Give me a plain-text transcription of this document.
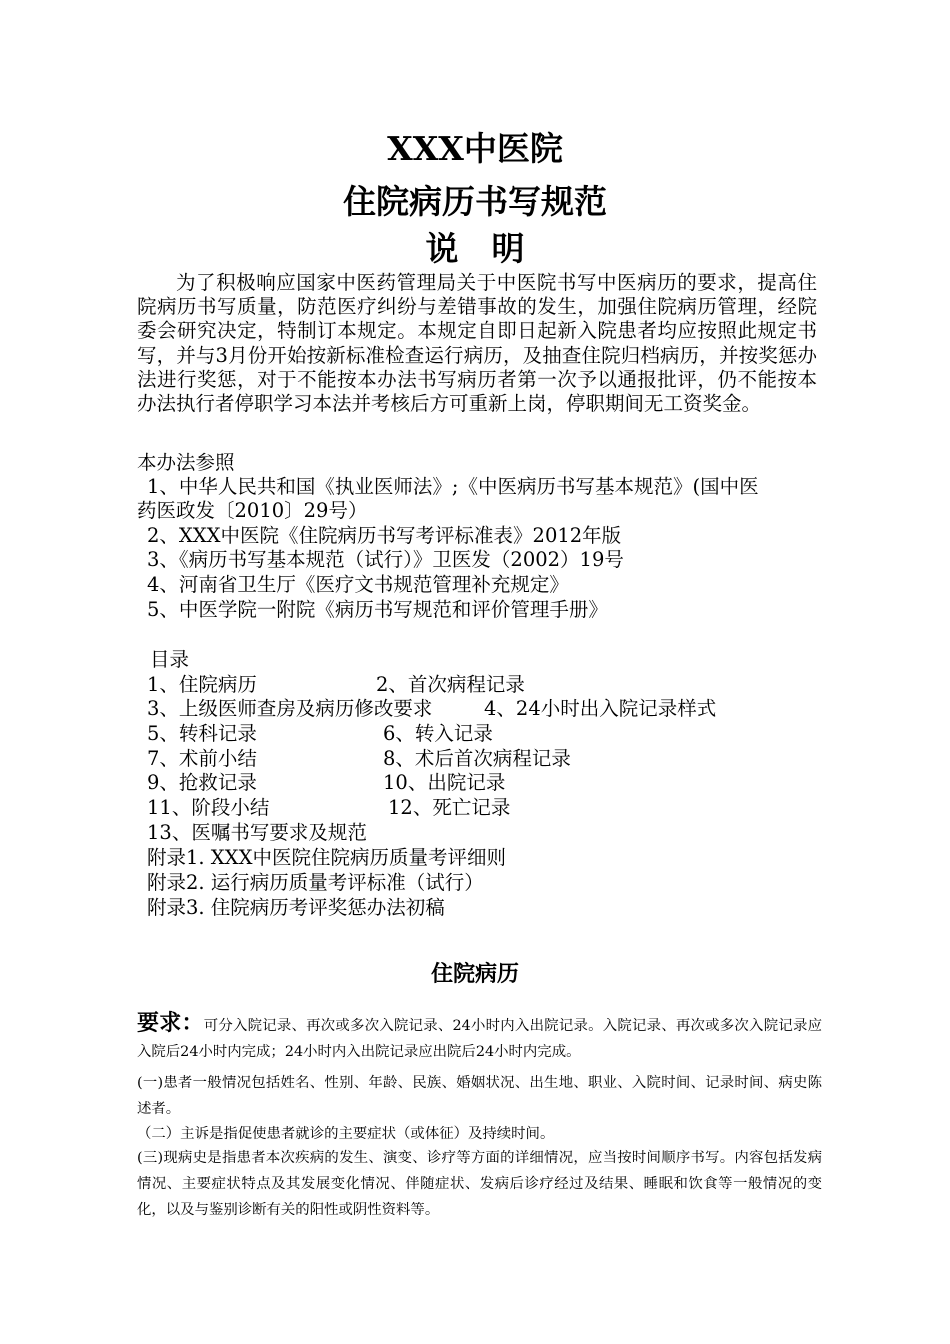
XXX中医院
住院病历书写规范
说　明
为了积极响应国家中医药管理局关于中医院书写中医病历的要求，提高住院病历书写质量，防范医疗纠纷与差错事故的发生，加强住院病历管理，经院委会研究决定，特制订本规定。本规定自即日起新入院患者均应按照此规定书写，并与3月份开始按新标准检查运行病历，及抽查住院归档病历，并按奖惩办法进行奖惩，对于不能按本办法书写病历者第一次予以通报批评，仍不能按本办法执行者停职学习本法并考核后方可重新上岗，停职期间无工资奖金。
本办法参照
1、中华人民共和国《执业医师法》;《中医病历书写基本规范》(国中医
药医政发〔2010〕29号）
2、XXX中医院《住院病历书写考评标准表》2012年版
3、《病历书写基本规范（试行）》卫医发（2002）19号
4、河南省卫生厅《医疗文书规范管理补充规定》
5、中医学院一附院《病历书写规范和评价管理手册》
目录
1、住院病历	2、首次病程记录
3、上级医师查房及病历修改要求	4、24小时出入院记录样式
5、转科记录	6、转入记录
7、术前小结	8、术后首次病程记录
9、抢救记录	10、出院记录
11、阶段小结	12、死亡记录
13、医嘱书写要求及规范
附录1. XXX中医院住院病历质量考评细则
附录2. 运行病历质量考评标准（试行）
附录3. 住院病历考评奖惩办法初稿
住院病历
要求：可分入院记录、再次或多次入院记录、24小时内入出院记录。入院记录、再次或多次入院记录应入院后24小时内完成；24小时内入出院记录应出院后24小时内完成。
(一)患者一般情况包括姓名、性别、年龄、民族、婚姻状况、出生地、职业、入院时间、记录时间、病史陈述者。
（二）主诉是指促使患者就诊的主要症状（或体征）及持续时间。
(三)现病史是指患者本次疾病的发生、演变、诊疗等方面的详细情况，应当按时间顺序书写。内容包括发病情况、主要症状特点及其发展变化情况、伴随症状、发病后诊疗经过及结果、睡眠和饮食等一般情况的变化，以及与鉴别诊断有关的阳性或阴性资料等。
